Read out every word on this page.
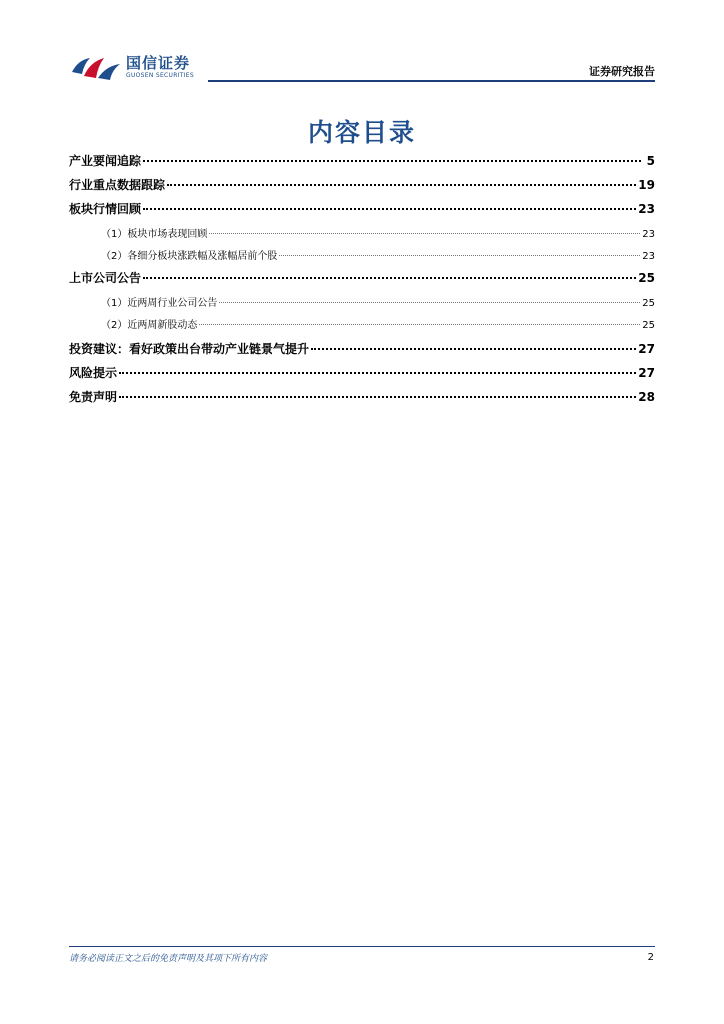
国信证券
GUOSEN SECURITIES	证券研究报告
内容目录
产业要闻追踪	5
行业重点数据跟踪	19
板块行情回顾	23
（1）板块市场表现回顾	23
（2）各细分板块涨跌幅及涨幅居前个股	23
上市公司公告	25
（1）近两周行业公司公告	25
（2）近两周新股动态	25
投资建议：看好政策出台带动产业链景气提升	27
风险提示	27
免责声明	28
请务必阅读正文之后的免责声明及其项下所有内容	2
